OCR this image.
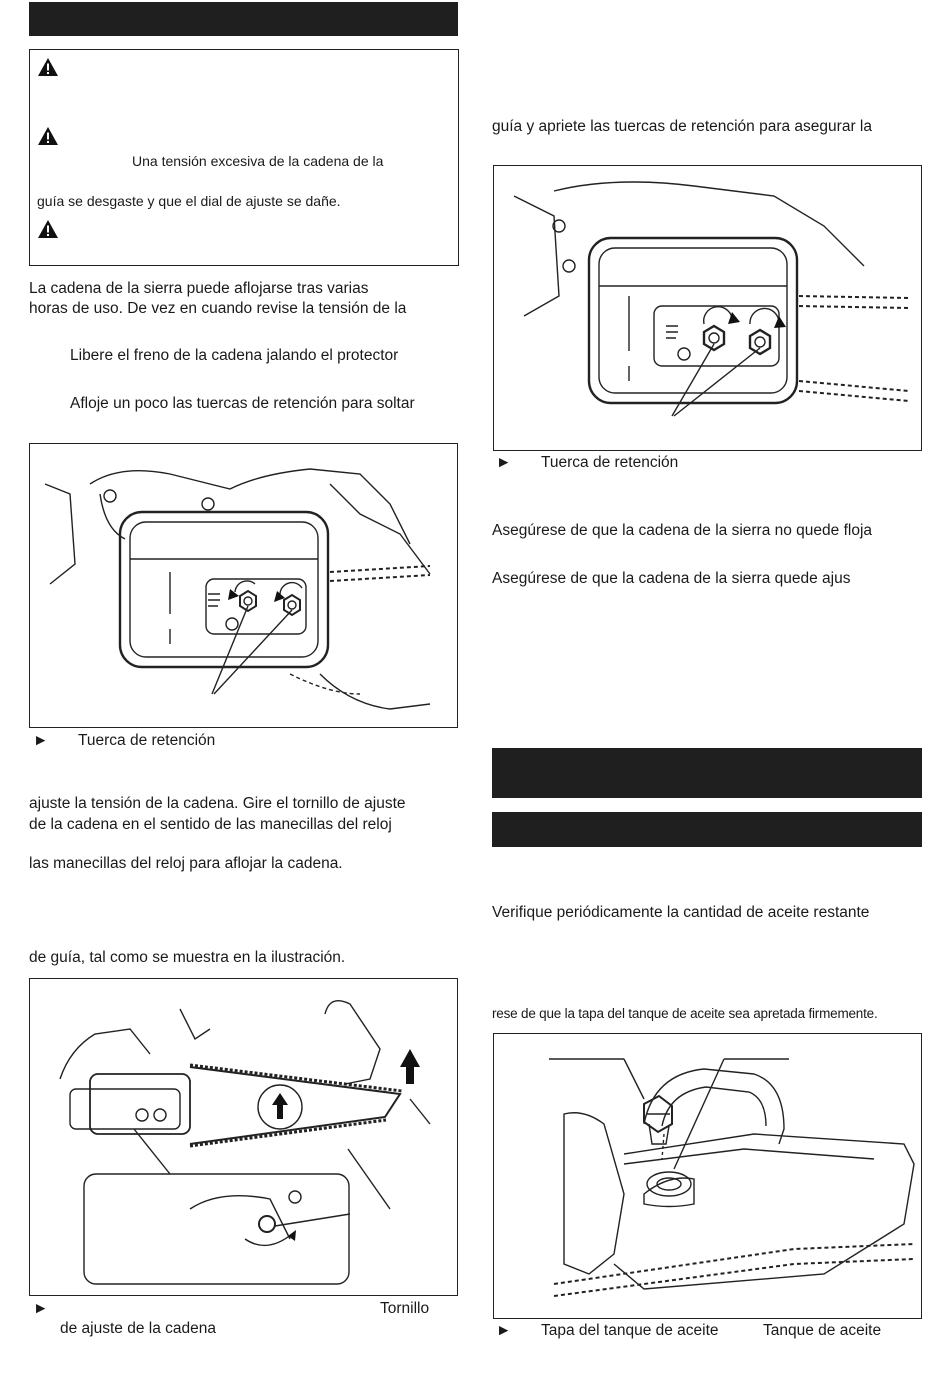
Una tensión excesiva de la cadena de la
guía se desgaste y que el dial de ajuste se dañe.
La cadena de la sierra puede aflojarse tras varias
horas de uso. De vez en cuando revise la tensión de la
Libere el freno de la cadena jalando el protector
Afloje un poco las tuercas de retención para soltar
► Tuerca de retención
ajuste la tensión de la cadena. Gire el tornillo de ajuste
de la cadena en el sentido de las manecillas del reloj
las manecillas del reloj para aflojar la cadena.
de guía, tal como se muestra en la ilustración.
►	Tornillo
de ajuste de la cadena
guía y apriete las tuercas de retención para asegurar la
► Tuerca de retención
Asegúrese de que la cadena de la sierra no quede floja
Asegúrese de que la cadena de la sierra quede ajus
Verifique periódicamente la cantidad de aceite restante
rese de que la tapa del tanque de aceite sea apretada firmemente.
► Tapa del tanque de aceite	Tanque de aceite
